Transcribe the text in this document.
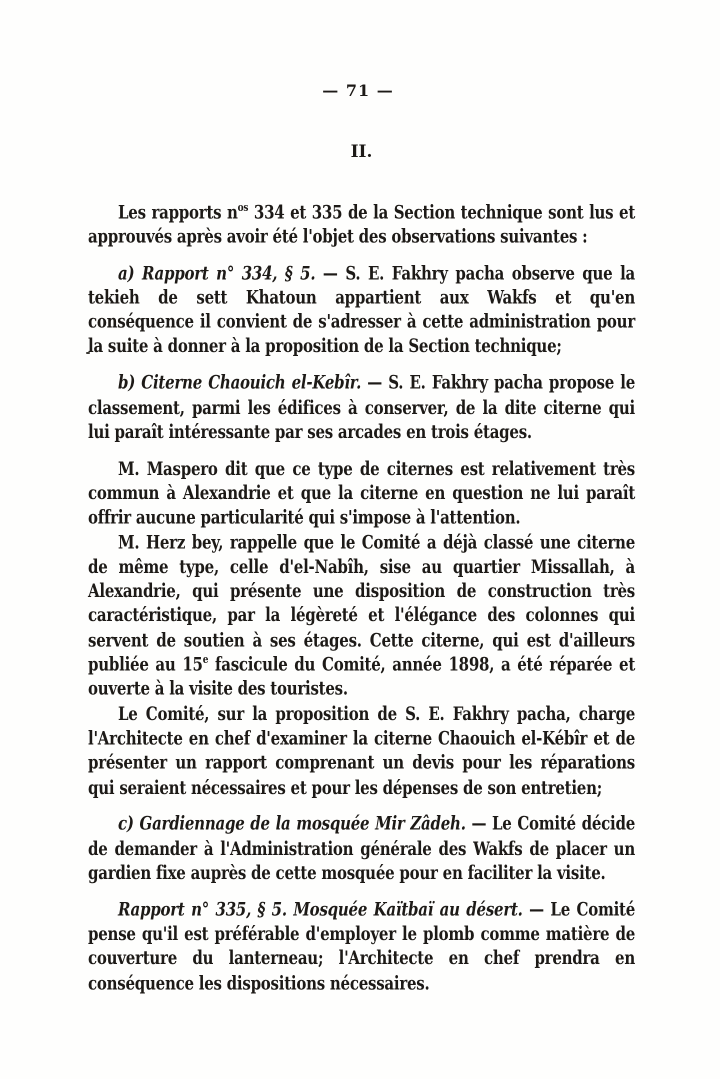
— 71 —
II.

Les rapports $n^{os}$ 334 et 335 de la Section technique sont lus et approuvés après avoir été l'objet des observations suivantes :

a) Rapport n° 334, § 5. — S. E. Fakhry pacha observe que la tekieh de sett Khatoun appartient aux Wakfs et qu'en conséquence il convient de s'adresser à cette administration pour la suite à donner à la proposition de la Section technique;

b) Citerne Chaouich el-Kebîr. — S. E. Fakhry pacha propose le classement, parmi les édifices à conserver, de la dite citerne qui lui paraît intéressante par ses arcades en trois étages.

M. Maspero dit que ce type de citernes est relativement très commun à Alexandrie et que la citerne en question ne lui paraît offrir aucune particularité qui s'impose à l'attention.

M. Herz bey, rappelle que le Comité a déjà classé une citerne de même type, celle d'el-Nabîh, sise au quartier Missallah, à Alexandrie, qui présente une disposition de construction très caractéristique, par la légèreté et l'élégance des colonnes qui servent de soutien à ses étages. Cette citerne, qui est d'ailleurs publiée au 15e fascicule du Comité, année 1898, a été réparée et ouverte à la visite des touristes.

Le Comité, sur la proposition de S. E. Fakhry pacha, charge l'Architecte en chef d'examiner la citerne Chaouich el-Kébîr et de présenter un rapport comprenant un devis pour les réparations qui seraient nécessaires et pour les dépenses de son entretien;

c) Gardiennage de la mosquée Mir Zâdeh. — Le Comité décide de demander à l'Administration générale des Wakfs de placer un gardien fixe auprès de cette mosquée pour en faciliter la visite.

Rapport n° 335, § 5. Mosquée Kaïtbaï au désert. — Le Comité pense qu'il est préférable d'employer le plomb comme matière de couverture du lanterneau; l'Architecte en chef prendra en conséquence les dispositions nécessaires.
